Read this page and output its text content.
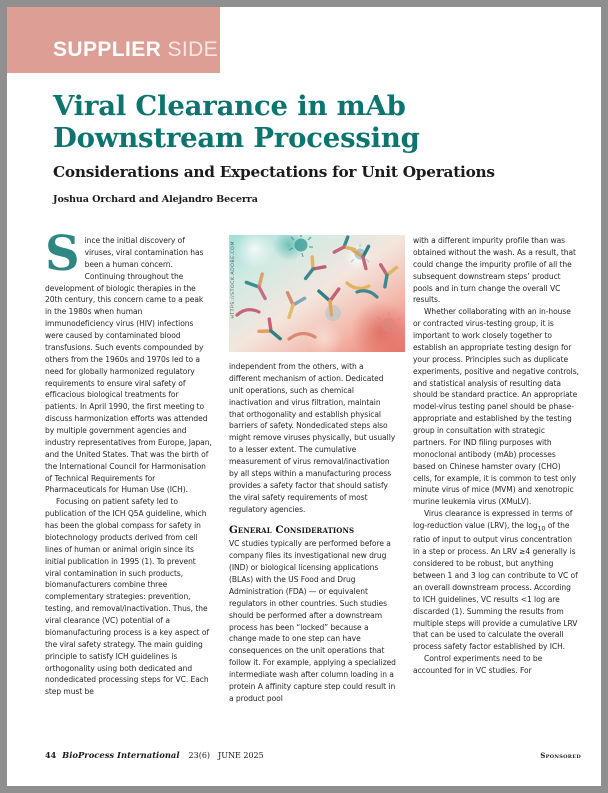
SUPPLIER SIDE
Viral Clearance in mAb
Downstream Processing
Considerations and Expectations for Unit Operations
Joshua Orchard and Alejandro Becerra

Since the initial discovery of viruses, viral contamination has been a human concern. Continuing throughout the development of biologic therapies in the 20th century, this concern came to a peak in the 1980s when human immunodeficiency virus (HIV) infections were caused by contaminated blood transfusions. Such events compounded by others from the 1960s and 1970s led to a need for globally harmonized regulatory requirements to ensure viral safety of efficacious biological treatments for patients. In April 1990, the first meeting to discuss harmonization efforts was attended by multiple government agencies and industry representatives from Europe, Japan, and the United States. That was the birth of the International Council for Harmonisation of Technical Requirements for Pharmaceuticals for Human Use (ICH).

Focusing on patient safety led to publication of the ICH Q5A guideline, which has been the global compass for safety in biotechnology products derived from cell lines of human or animal origin since its initial publication in 1995 (1). To prevent viral contamination in such products, biomanufacturers combine three complementary strategies: prevention, testing, and removal/inactivation. Thus, the viral clearance (VC) potential of a biomanufacturing process is a key aspect of the viral safety strategy. The main guiding principle to satisfy ICH guidelines is orthogonality using both dedicated and nondedicated processing steps for VC. Each step must be

HTTPS://STOCK.ADOBE.COM

independent from the others, with a different mechanism of action. Dedicated unit operations, such as chemical inactivation and virus filtration, maintain that orthogonality and establish physical barriers of safety. Nondedicated steps also might remove viruses physically, but usually to a lesser extent. The cumulative measurement of virus removal/inactivation by all steps within a manufacturing process provides a safety factor that should satisfy the viral safety requirements of most regulatory agencies.

General Considerations

VC studies typically are performed before a company files its investigational new drug (IND) or biological licensing applications (BLAs) with the US Food and Drug Administration (FDA) — or equivalent regulators in other countries. Such studies should be performed after a downstream process has been “locked” because a change made to one step can have consequences on the unit operations that follow it. For example, applying a specialized intermediate wash after column loading in a protein A affinity capture step could result in a product pool

with a different impurity profile than was obtained without the wash. As a result, that could change the impurity profile of all the subsequent downstream steps’ product pools and in turn change the overall VC results.

Whether collaborating with an in-house or contracted virus-testing group, it is important to work closely together to establish an appropriate testing design for your process. Principles such as duplicate experiments, positive and negative controls, and statistical analysis of resulting data should be standard practice. An appropriate model-virus testing panel should be phase-appropriate and established by the testing group in consultation with strategic partners. For IND filing purposes with monoclonal antibody (mAb) processes based on Chinese hamster ovary (CHO) cells, for example, it is common to test only minute virus of mice (MVM) and xenotropic murine leukemia virus (XMuLV).

Virus clearance is expressed in terms of log-reduction value (LRV), the $\log_{10}$ of the ratio of input to output virus concentration in a step or process. An LRV ≥4 generally is considered to be robust, but anything between 1 and 3 log can contribute to VC of an overall downstream process. According to ICH guidelines, VC results <1 log are discarded (1). Summing the results from multiple steps will provide a cumulative LRV that can be used to calculate the overall process safety factor established by ICH.

Control experiments need to be accounted for in VC studies. For

44 BioProcess International 23(6) JUNE 2025	Sponsored
